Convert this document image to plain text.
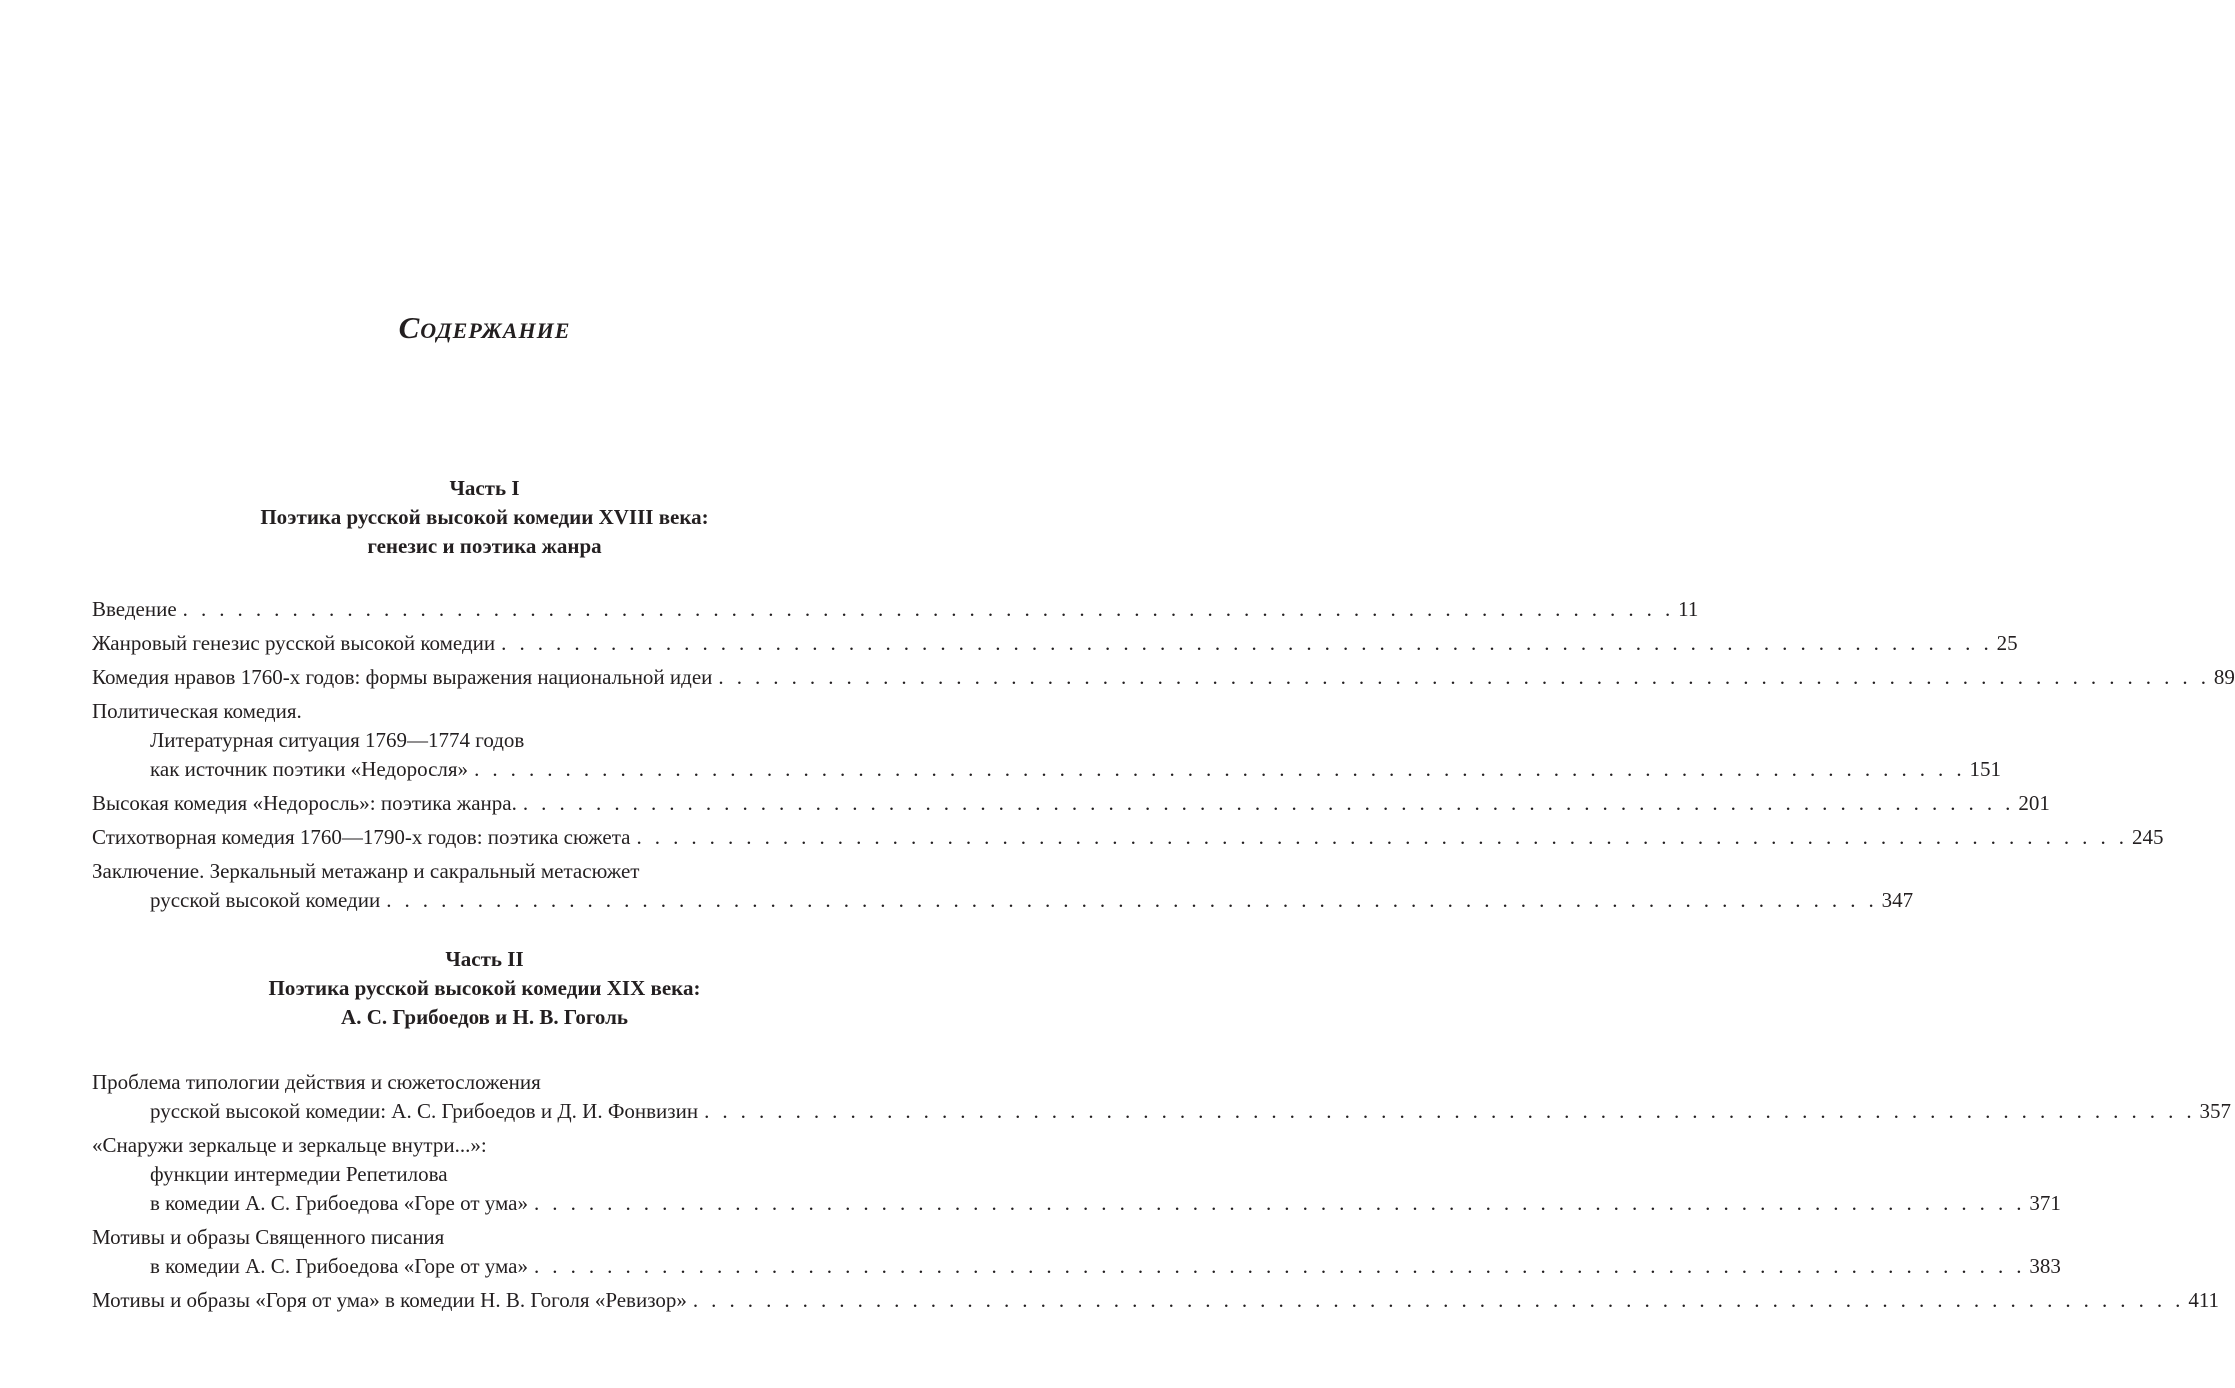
Содержание
Часть I
Поэтика русской высокой комедии XVIII века:
генезис и поэтика жанра
Введение . . . . . . . . . . . . . . . . . . . . . . . . . . . . . . . . . . . . . . . . . . . . . . . . . . . . . . . . . . . . . . . . . . . . . . . . . . . . . . . . . . 11
Жанровый генезис русской высокой комедии . . . . . . . . . . . . . . . . . . . . . . . . . . . . . . . . . . . . . . . . . . . . . . . . . . . . . . . . . . . . . . . . . . . . . . . . . . . . . . . . . . 25
Комедия нравов 1760-х годов: формы выражения национальной идеи . . . . . . . . . . . . . . . . . . . . . . . . . . . . . . . . . . . . . . . . . . . . . . . . . . . . . . . . . . . . . . . . . . . . . . . . . . . . . . . . . . 89
Политическая комедия.
Литературная ситуация 1769—1774 годов
как источник поэтики «Недоросля» . . . . . . . . . . . . . . . . . . . . . . . . . . . . . . . . . . . . . . . . . . . . . . . . . . . . . . . . . . . . . . . . . . . . . . . . . . . . . . . . . . 151
Высокая комедия «Недоросль»: поэтика жанра. . . . . . . . . . . . . . . . . . . . . . . . . . . . . . . . . . . . . . . . . . . . . . . . . . . . . . . . . . . . . . . . . . . . . . . . . . . . . . . . . . . 201
Стихотворная комедия 1760—1790-х годов: поэтика сюжета . . . . . . . . . . . . . . . . . . . . . . . . . . . . . . . . . . . . . . . . . . . . . . . . . . . . . . . . . . . . . . . . . . . . . . . . . . . . . . . . . . 245
Заключение. Зеркальный метажанр и сакральный метасюжет
русской высокой комедии . . . . . . . . . . . . . . . . . . . . . . . . . . . . . . . . . . . . . . . . . . . . . . . . . . . . . . . . . . . . . . . . . . . . . . . . . . . . . . . . . . 347
Часть II
Поэтика русской высокой комедии XIX века:
А. С. Грибоедов и Н. В. Гоголь
Проблема типологии действия и сюжетосложения
русской высокой комедии: А. С. Грибоедов и Д. И. Фонвизин . . . . . . . . . . . . . . . . . . . . . . . . . . . . . . . . . . . . . . . . . . . . . . . . . . . . . . . . . . . . . . . . . . . . . . . . . . . . . . . . . . 357
«Снаружи зеркальце и зеркальце внутри...»:
функции интермедии Репетилова
в комедии А. С. Грибоедова «Горе от ума» . . . . . . . . . . . . . . . . . . . . . . . . . . . . . . . . . . . . . . . . . . . . . . . . . . . . . . . . . . . . . . . . . . . . . . . . . . . . . . . . . . 371
Мотивы и образы Священного писания
в комедии А. С. Грибоедова «Горе от ума» . . . . . . . . . . . . . . . . . . . . . . . . . . . . . . . . . . . . . . . . . . . . . . . . . . . . . . . . . . . . . . . . . . . . . . . . . . . . . . . . . . 383
Мотивы и образы «Горя от ума» в комедии Н. В. Гоголя «Ревизор» . . . . . . . . . . . . . . . . . . . . . . . . . . . . . . . . . . . . . . . . . . . . . . . . . . . . . . . . . . . . . . . . . . . . . . . . . . . . . . . . . . 411
